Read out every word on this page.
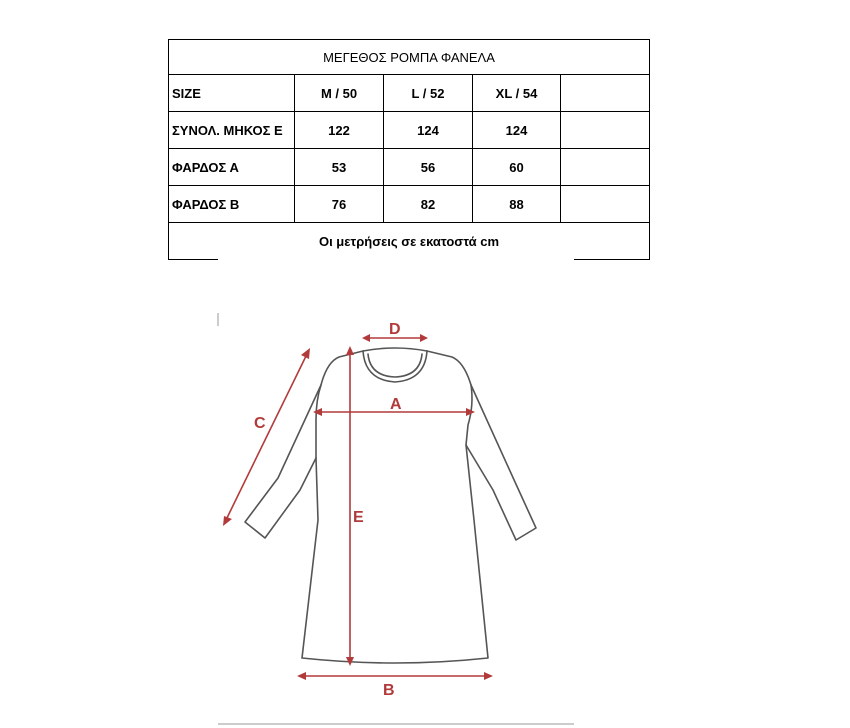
ΜΕΓΕΘΟΣ ΡΟΜΠΑ ΦΑΝΕΛΑ				
SIZE	M / 50	L / 52	XL / 54	
ΣΥΝΟΛ. ΜΗΚΟΣ Ε	122	124	124	
ΦΑΡΔΟΣ Α	53	56	60	
ΦΑΡΔΟΣ Β	76	82	88	
Οι μετρήσεις σε εκατοστά cm				
D
A
E
B
C
